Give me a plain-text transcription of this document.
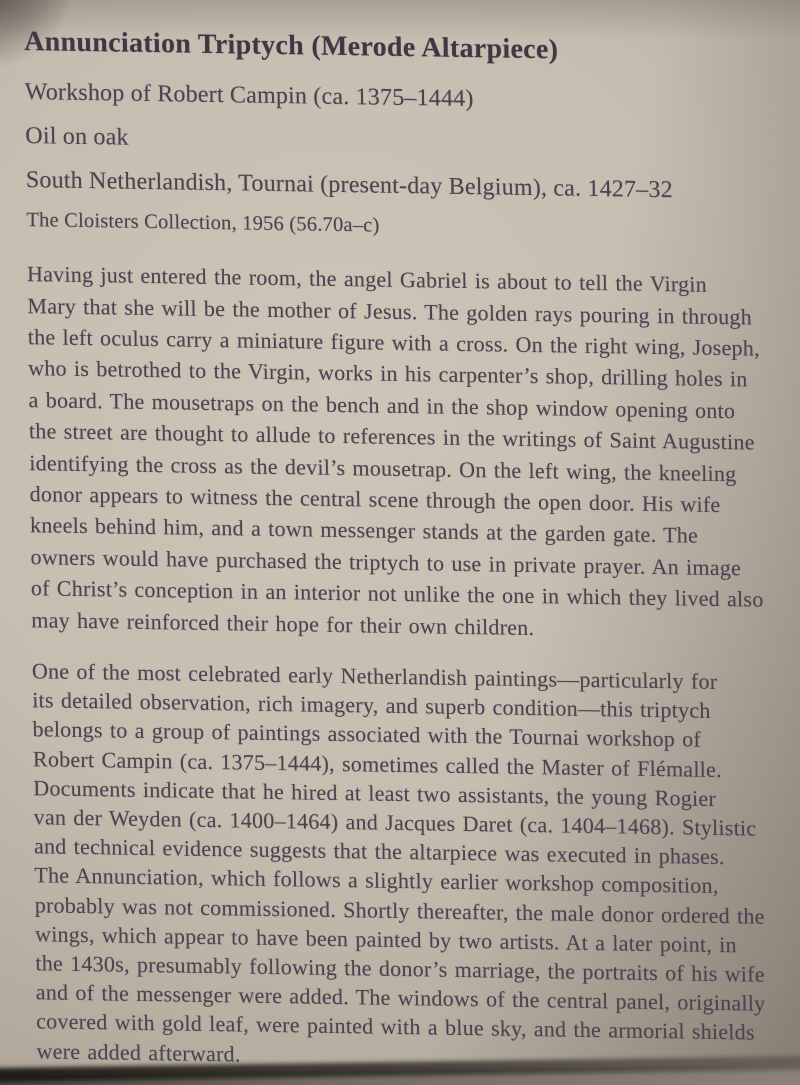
Annunciation Triptych (Merode Altarpiece)
Workshop of Robert Campin (ca. 1375–1444)
Oil on oak
South Netherlandish, Tournai (present-day Belgium), ca. 1427–32
The Cloisters Collection, 1956 (56.70a–c)
Having just entered the room, the angel Gabriel is about to tell the Virgin
Mary that she will be the mother of Jesus. The golden rays pouring in through
the left oculus carry a miniature figure with a cross. On the right wing, Joseph,
who is betrothed to the Virgin, works in his carpenter’s shop, drilling holes in
a board. The mousetraps on the bench and in the shop window opening onto
the street are thought to allude to references in the writings of Saint Augustine
identifying the cross as the devil’s mousetrap. On the left wing, the kneeling
donor appears to witness the central scene through the open door. His wife
kneels behind him, and a town messenger stands at the garden gate. The
owners would have purchased the triptych to use in private prayer. An image
of Christ’s conception in an interior not unlike the one in which they lived also
may have reinforced their hope for their own children.
One of the most celebrated early Netherlandish paintings—particularly for
its detailed observation, rich imagery, and superb condition—this triptych
belongs to a group of paintings associated with the Tournai workshop of
Robert Campin (ca. 1375–1444), sometimes called the Master of Flémalle.
Documents indicate that he hired at least two assistants, the young Rogier
van der Weyden (ca. 1400–1464) and Jacques Daret (ca. 1404–1468). Stylistic
and technical evidence suggests that the altarpiece was executed in phases.
The Annunciation, which follows a slightly earlier workshop composition,
probably was not commissioned. Shortly thereafter, the male donor ordered the
wings, which appear to have been painted by two artists. At a later point, in
the 1430s, presumably following the donor’s marriage, the portraits of his wife
and of the messenger were added. The windows of the central panel, originally
covered with gold leaf, were painted with a blue sky, and the armorial shields
were added afterward.
